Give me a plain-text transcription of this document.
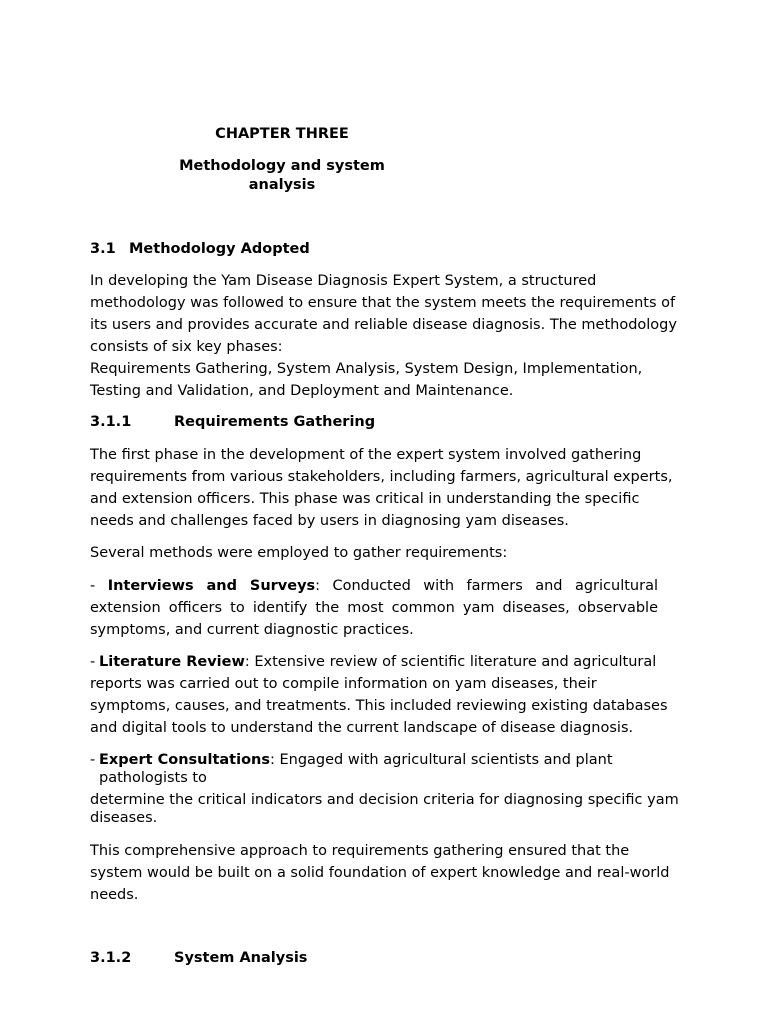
CHAPTER THREE
Methodology and system
analysis
3.1 Methodology Adopted
In developing the Yam Disease Diagnosis Expert System, a structured
methodology was followed to ensure that the system meets the requirements of
its users and provides accurate and reliable disease diagnosis. The methodology
consists of six key phases:
Requirements Gathering, System Analysis, System Design, Implementation,
Testing and Validation, and Deployment and Maintenance.
3.1.1	Requirements Gathering
The first phase in the development of the expert system involved gathering
requirements from various stakeholders, including farmers, agricultural experts,
and extension officers. This phase was critical in understanding the specific
needs and challenges faced by users in diagnosing yam diseases.
Several methods were employed to gather requirements:
- Interviews and Surveys: Conducted with farmers and agricultural
extension officers to identify the most common yam diseases, observable
symptoms, and current diagnostic practices.
- Literature Review: Extensive review of scientific literature and agricultural
reports was carried out to compile information on yam diseases, their
symptoms, causes, and treatments. This included reviewing existing databases
and digital tools to understand the current landscape of disease diagnosis.
- Expert Consultations: Engaged with agricultural scientists and plant
pathologists to
determine the critical indicators and decision criteria for diagnosing specific yam
diseases.
This comprehensive approach to requirements gathering ensured that the
system would be built on a solid foundation of expert knowledge and real-world
needs.
3.1.2	System Analysis
